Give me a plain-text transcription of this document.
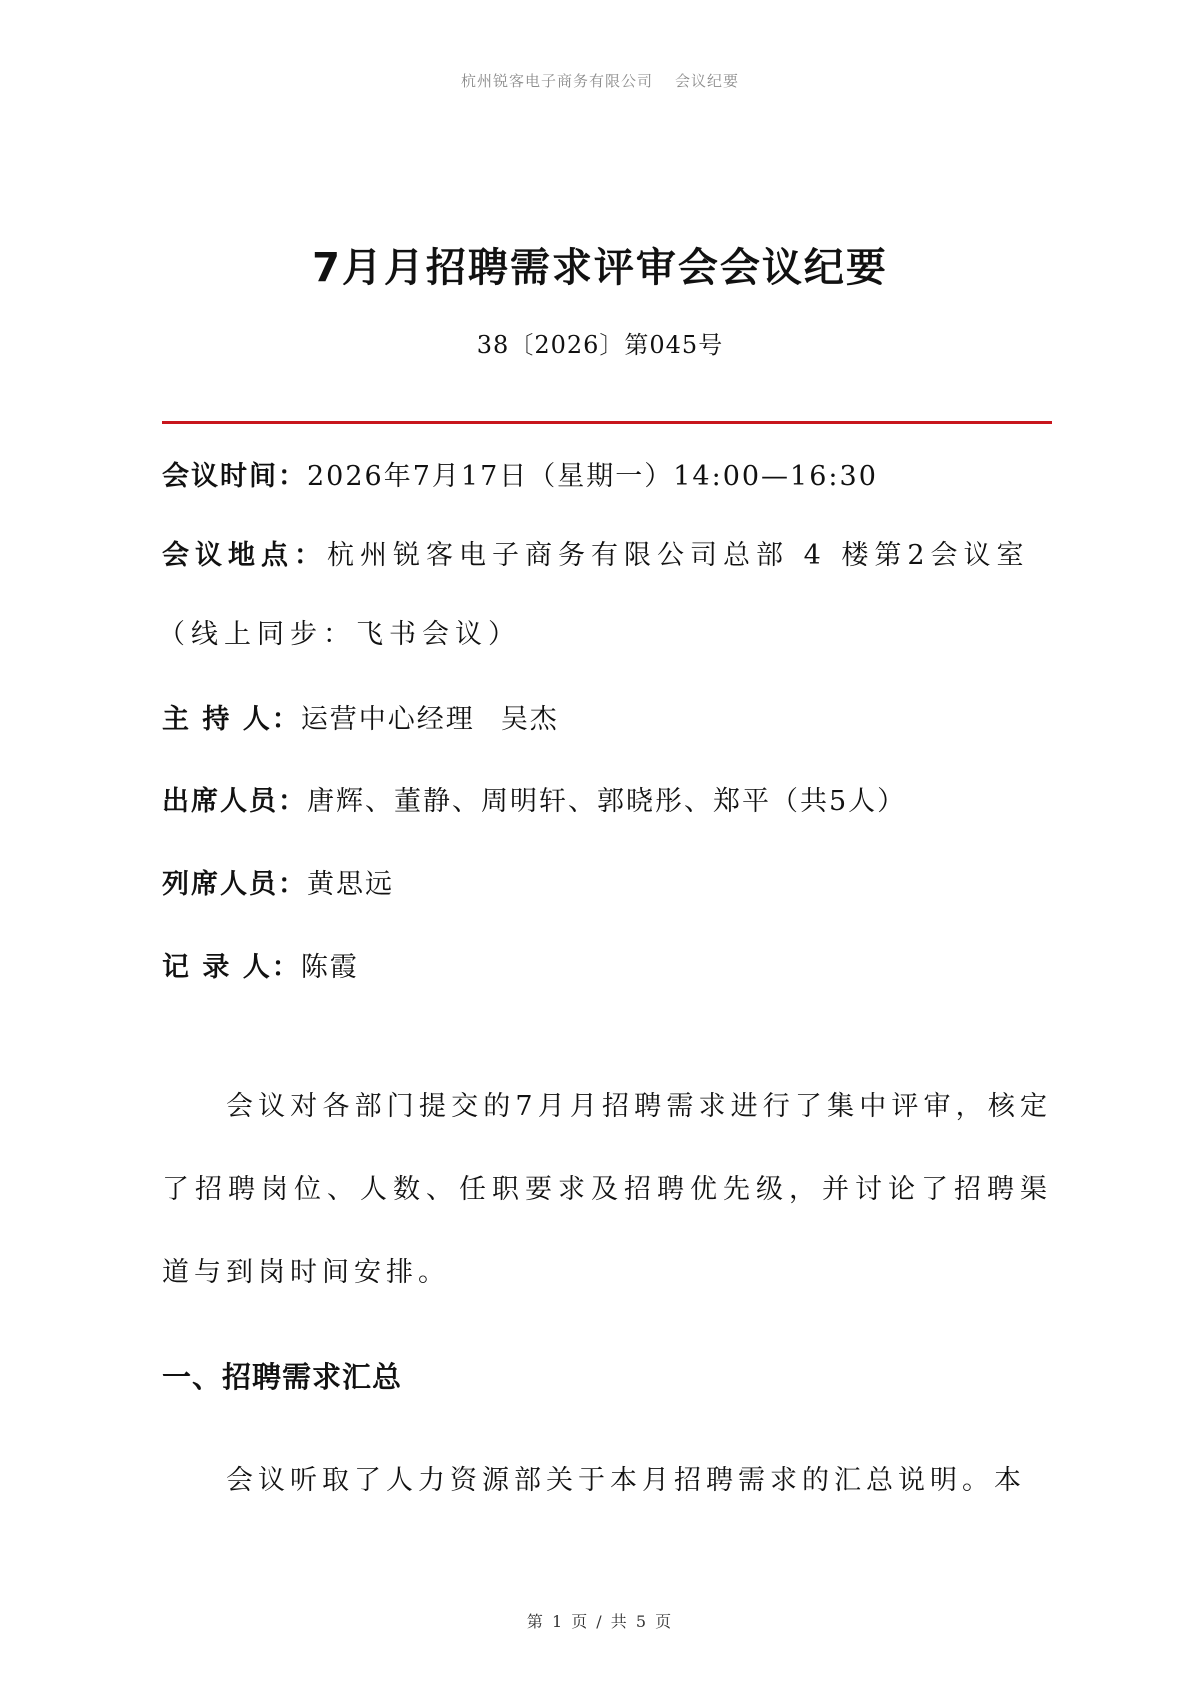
杭州锐客电子商务有限公司 会议纪要
7月月招聘需求评审会会议纪要
38〔2026〕第045号
会议时间：2026年7月17日（星期一）14:00—16:30
会议地点：杭州锐客电子商务有限公司总部 4 楼第2会议室
（线上同步：飞书会议）
主 持 人：运营中心经理 吴杰
出席人员：唐辉、董静、周明轩、郭晓彤、郑平（共5人）
列席人员：黄思远
记 录 人：陈霞
会议对各部门提交的7月月招聘需求进行了集中评审，核定了招聘岗位、人数、任职要求及招聘优先级，并讨论了招聘渠道与到岗时间安排。
一、招聘需求汇总
会议听取了人力资源部关于本月招聘需求的汇总说明。本
第 1 页 / 共 5 页
